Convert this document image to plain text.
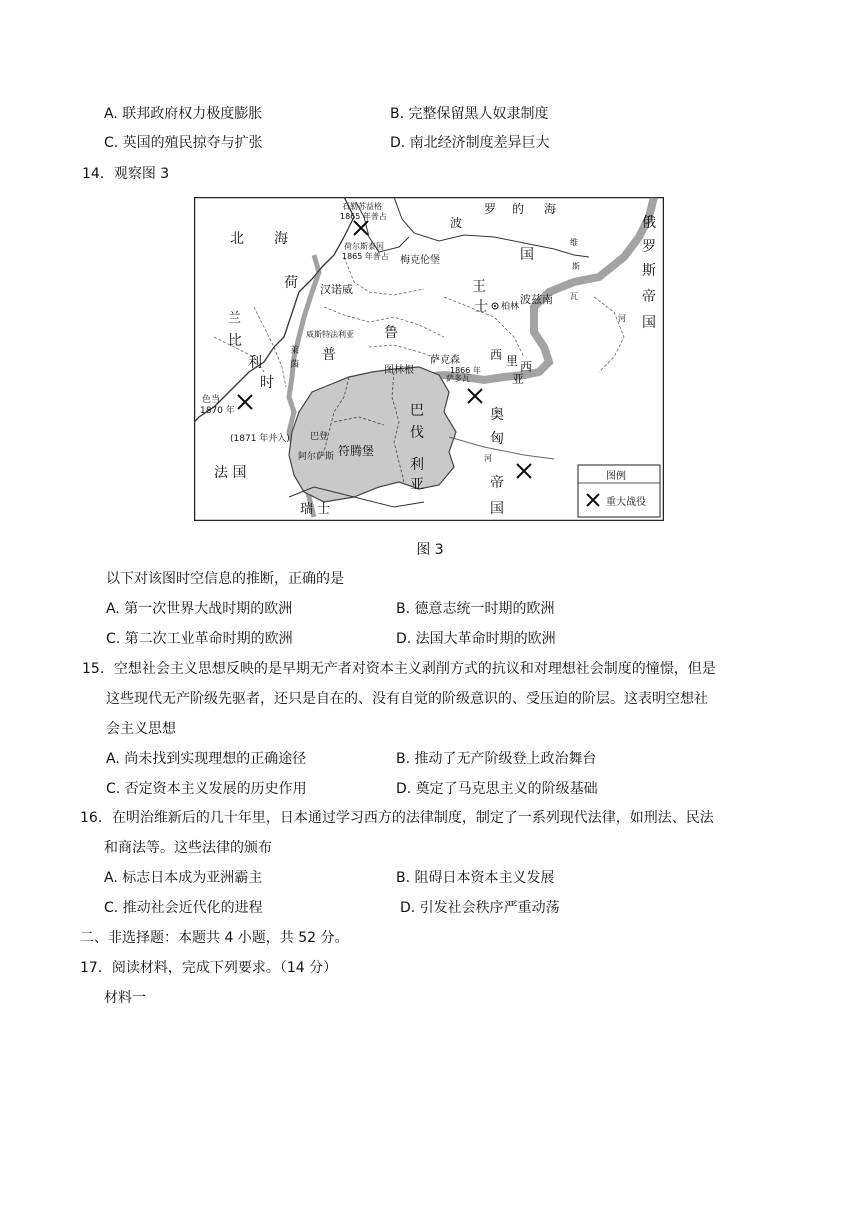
A. 联邦政府权力极度膨胀	B. 完整保留黑人奴隶制度
C. 英国的殖民掠夺与扩张	D. 南北经济制度差异巨大
14．观察图 3
北 海
荷
兰
比
利
时
色当
1870 年
法 国
瑞 士
石勒苏益格
1865 年普占
荷尔斯泰因
1865 年普占 梅克伦堡
汉诺威
柏林
普
鲁
士
王
国
波
罗 的 海
波兹南
西 里 西
亚
萨克森
图林根
威斯特法利亚
莱
茵
萨多瓦
1866 年
巴
伐
利
亚
符腾堡
巴登
阿尔萨斯
(1871 年并入)
奥
匈
帝
国
俄
罗
斯
帝
国
维
斯
瓦
河
河
图例
重大战役
图 3
以下对该图时空信息的推断，正确的是
A. 第一次世界大战时期的欧洲	B. 德意志统一时期的欧洲
C. 第二次工业革命时期的欧洲	D. 法国大革命时期的欧洲
15．空想社会主义思想反映的是早期无产者对资本主义剥削方式的抗议和对理想社会制度的憧憬，但是
这些现代无产阶级先驱者，还只是自在的、没有自觉的阶级意识的、受压迫的阶层。这表明空想社
会主义思想
A. 尚未找到实现理想的正确途径	B. 推动了无产阶级登上政治舞台
C. 否定资本主义发展的历史作用	D. 奠定了马克思主义的阶级基础
16．在明治维新后的几十年里，日本通过学习西方的法律制度，制定了一系列现代法律，如刑法、民法
和商法等。这些法律的颁布
A. 标志日本成为亚洲霸主	B. 阻碍日本资本主义发展
C. 推动社会近代化的进程	D. 引发社会秩序严重动荡
二、非选择题：本题共 4 小题，共 52 分。
17．阅读材料，完成下列要求。（14 分）
材料一
